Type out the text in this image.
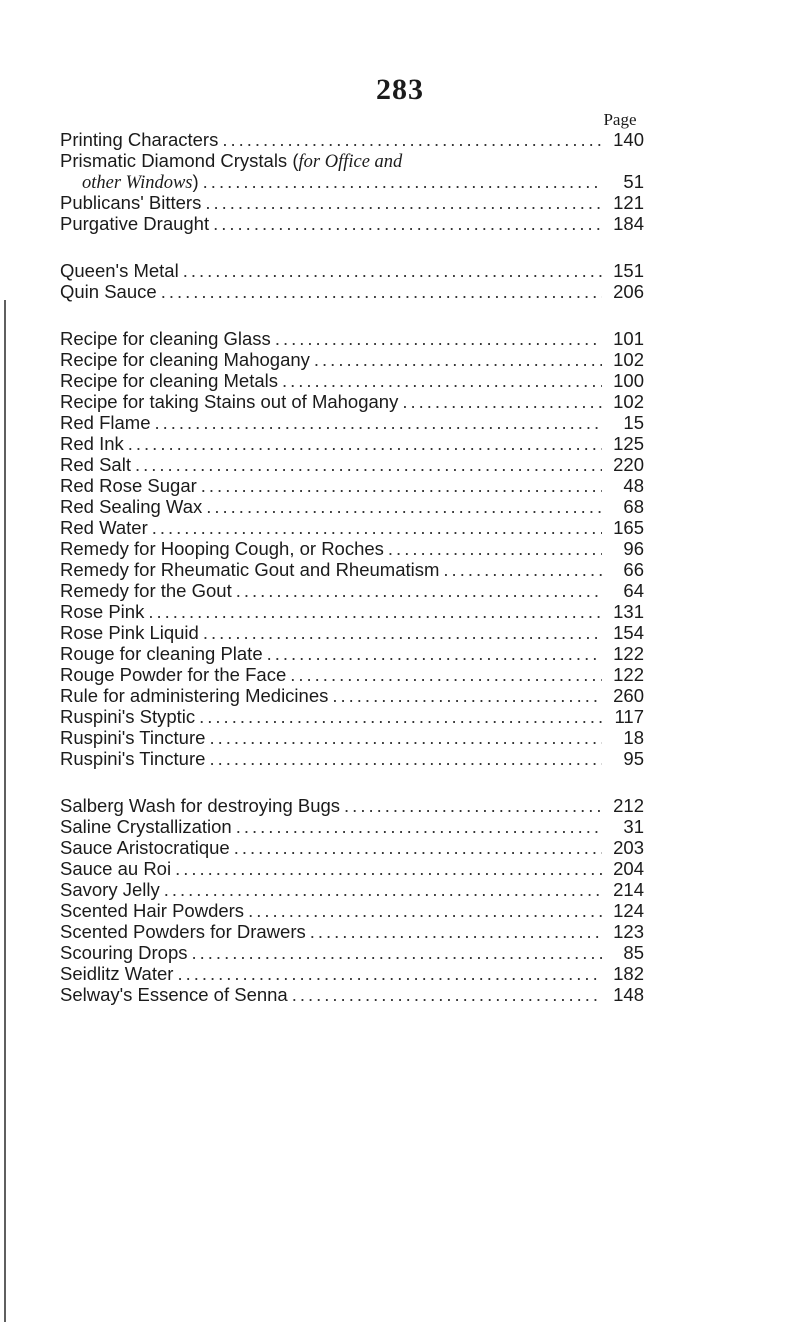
283
Page
Printing Characters .....	140
Prismatic Diamond Crystals (for Office and
other Windows) .....	51
Publicans' Bitters .....	121
Purgative Draught .....	184
Queen's Metal .....	151
Quin Sauce .....	206
Recipe for cleaning Glass .....	101
Recipe for cleaning Mahogany .....	102
Recipe for cleaning Metals .....	100
Recipe for taking Stains out of Mahogany .....	102
Red Flame .....	15
Red Ink .....	125
Red Salt .....	220
Red Rose Sugar .....	48
Red Sealing Wax .....	68
Red Water .....	165
Remedy for Hooping Cough, or Roches .....	96
Remedy for Rheumatic Gout and Rheumatism .....	66
Remedy for the Gout .....	64
Rose Pink .....	131
Rose Pink Liquid .....	154
Rouge for cleaning Plate .....	122
Rouge Powder for the Face .....	122
Rule for administering Medicines .....	260
Ruspini's Styptic .....	117
Ruspini's Tincture .....	18
Ruspini's Tincture .....	95
Salberg Wash for destroying Bugs .....	212
Saline Crystallization .....	31
Sauce Aristocratique .....	203
Sauce au Roi .....	204
Savory Jelly .....	214
Scented Hair Powders .....	124
Scented Powders for Drawers .....	123
Scouring Drops .....	85
Seidlitz Water .....	182
Selway's Essence of Senna .....	148
